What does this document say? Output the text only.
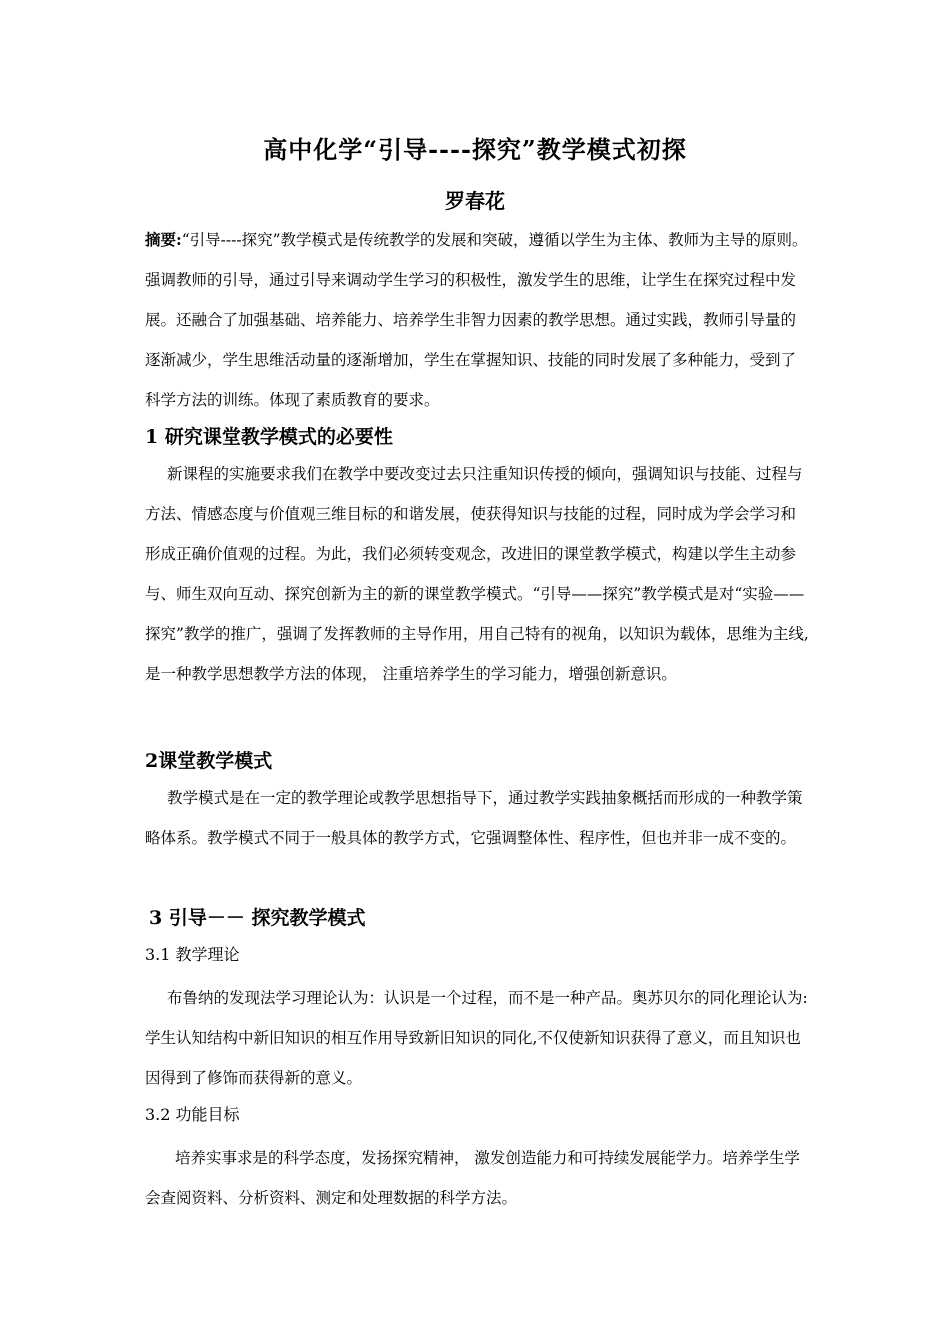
高中化学“引导----探究”教学模式初探
罗春花
摘要:“引导----探究”教学模式是传统教学的发展和突破，遵循以学生为主体、教师为主导的原则。强调教师的引导，通过引导来调动学生学习的积极性，激发学生的思维，让学生在探究过程中发展。还融合了加强基础、培养能力、培养学生非智力因素的教学思想。通过实践，教师引导量的逐渐减少，学生思维活动量的逐渐增加，学生在掌握知识、技能的同时发展了多种能力，受到了科学方法的训练。体现了素质教育的要求。
1 研究课堂教学模式的必要性
新课程的实施要求我们在教学中要改变过去只注重知识传授的倾向，强调知识与技能、过程与方法、情感态度与价值观三维目标的和谐发展，使获得知识与技能的过程，同时成为学会学习和形成正确价值观的过程。为此，我们必须转变观念，改进旧的课堂教学模式，构建以学生主动参与、师生双向互动、探究创新为主的新的课堂教学模式。“引导——探究”教学模式是对“实验——探究”教学的推广，强调了发挥教师的主导作用，用自己特有的视角，以知识为载体，思维为主线,是一种教学思想教学方法的体现， 注重培养学生的学习能力，增强创新意识。
2课堂教学模式
教学模式是在一定的教学理论或教学思想指导下，通过教学实践抽象概括而形成的一种教学策略体系。教学模式不同于一般具体的教学方式，它强调整体性、程序性，但也并非一成不变的。
3 引导－－ 探究教学模式
3.1 教学理论
布鲁纳的发现法学习理论认为：认识是一个过程，而不是一种产品。奥苏贝尔的同化理论认为:学生认知结构中新旧知识的相互作用导致新旧知识的同化,不仅使新知识获得了意义，而且知识也因得到了修饰而获得新的意义。
3.2 功能目标
培养实事求是的科学态度，发扬探究精神， 激发创造能力和可持续发展能学力。培养学生学会查阅资料、分析资料、测定和处理数据的科学方法。
